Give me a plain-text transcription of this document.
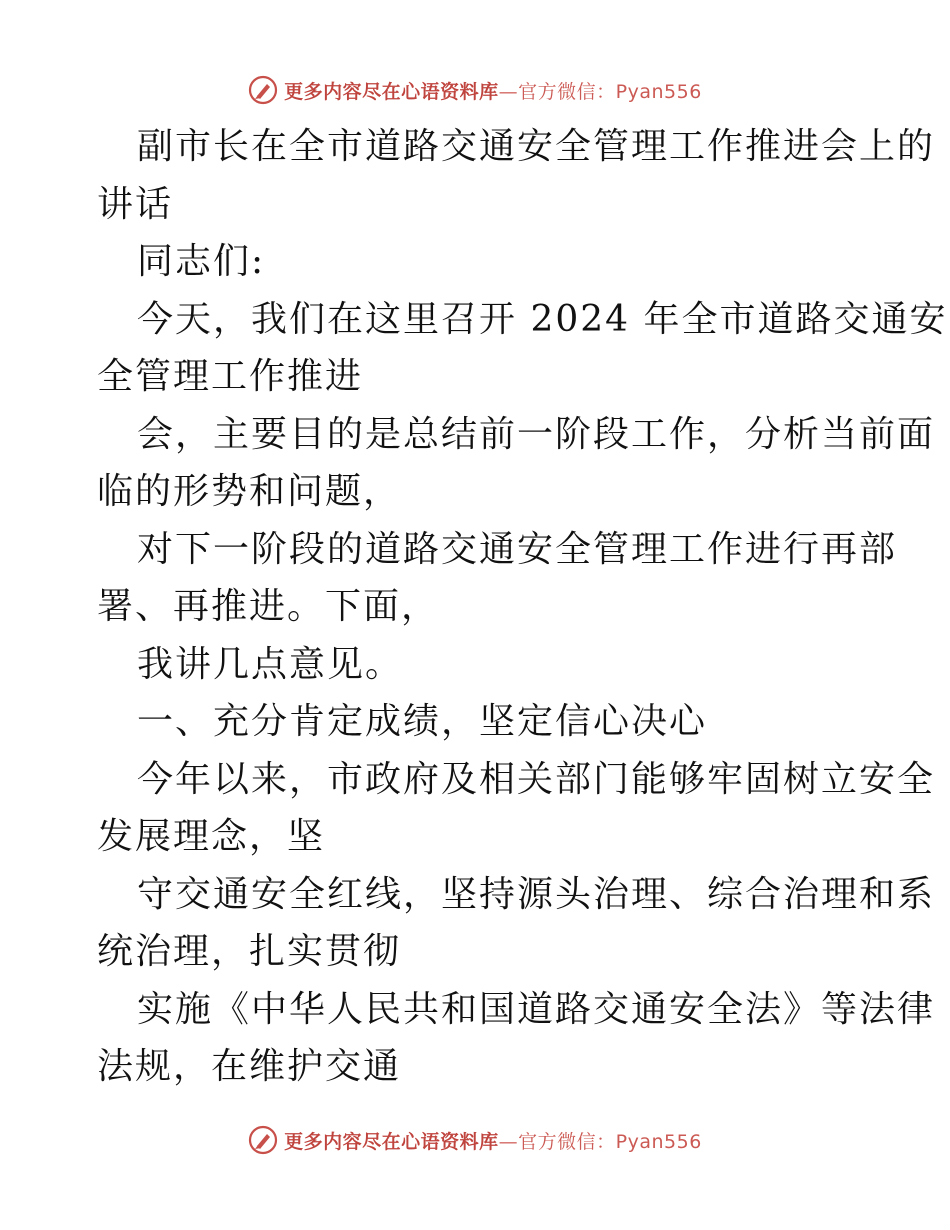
更多内容尽在心语资料库—官方微信：Pyan556
副市长在全市道路交通安全管理工作推进会上的
讲话
同志们:
今天，我们在这里召开 2024 年全市道路交通安
全管理工作推进
会，主要目的是总结前一阶段工作，分析当前面
临的形势和问题，
对下一阶段的道路交通安全管理工作进行再部
署、再推进。下面，
我讲几点意见。
一、充分肯定成绩，坚定信心决心
今年以来，市政府及相关部门能够牢固树立安全
发展理念，坚
守交通安全红线，坚持源头治理、综合治理和系
统治理，扎实贯彻
实施《中华人民共和国道路交通安全法》等法律
法规，在维护交通
更多内容尽在心语资料库—官方微信：Pyan556
